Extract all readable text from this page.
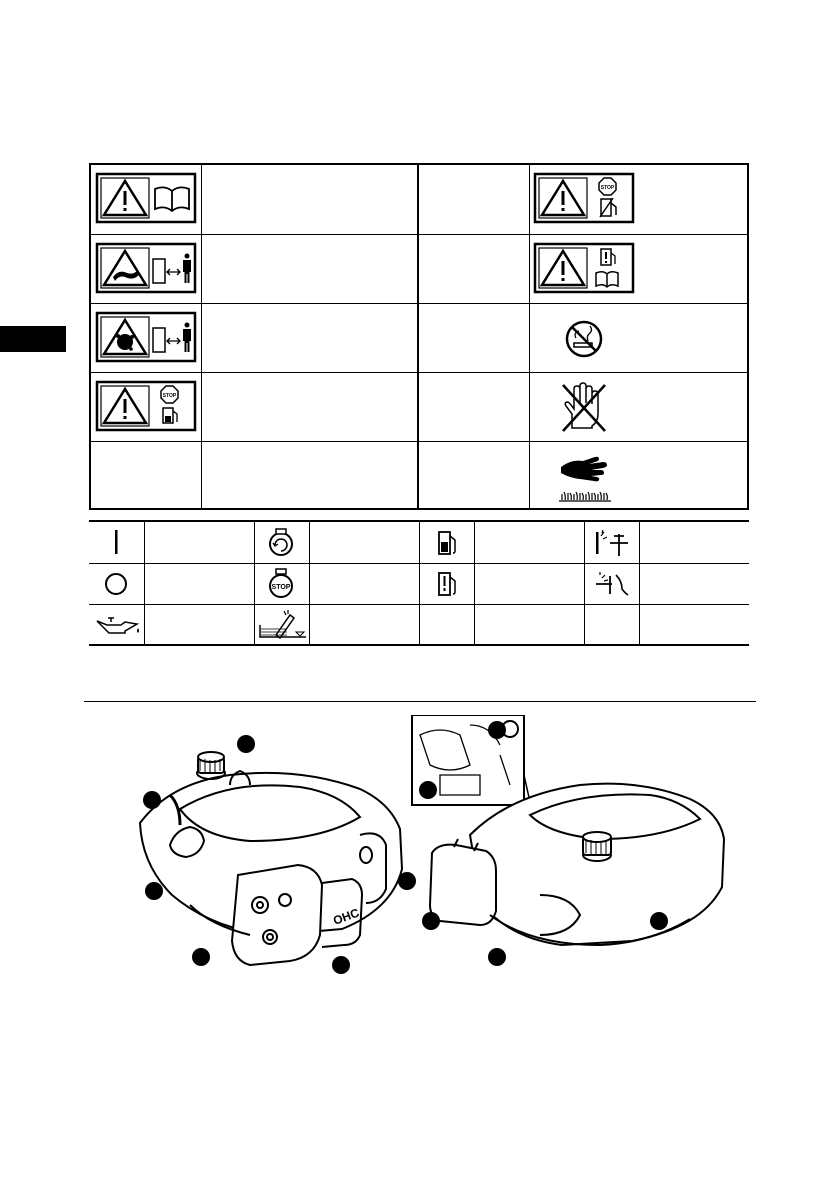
STOP
STOP
STOP
OHC
